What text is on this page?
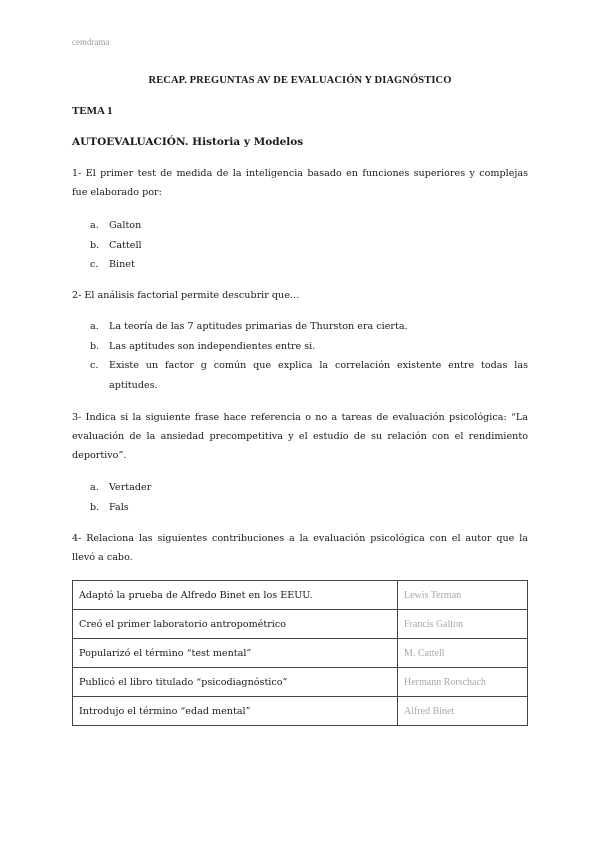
cemdrama
RECAP. PREGUNTAS AV DE EVALUACIÓN Y DIAGNÓSTICO
TEMA 1
AUTOEVALUACIÓN. Historia y Modelos

1- El primer test de medida de la inteligencia basado en funciones superiores y complejas fue elaborado por:

a. Galton
b. Cattell
c. Binet

2- El análisis factorial permite descubrir que…

a. La teoría de las 7 aptitudes primarias de Thurston era cierta.
b. Las aptitudes son independientes entre si.
c. Existe un factor g común que explica la correlación existente entre todas las aptitudes.

3- Indica si la siguiente frase hace referencia o no a tareas de evaluación psicológica: “La evaluación de la ansiedad precompetitiva y el estudio de su relación con el rendimiento deportivo”.

a. Vertader
b. Fals

4- Relaciona las siguientes contribuciones a la evaluación psicológica con el autor que la llevó a cabo.

Adaptó la prueba de Alfredo Binet en los EEUU.	Lewis Terman
Creó el primer laboratorio antropométrico	Francis Galton
Popularizó el término “test mental”	M. Cattell
Publicó el libro titulado “psicodiagnóstico”	Hermann Rorschach
Introdujo el término “edad mental”	Alfred Binet
